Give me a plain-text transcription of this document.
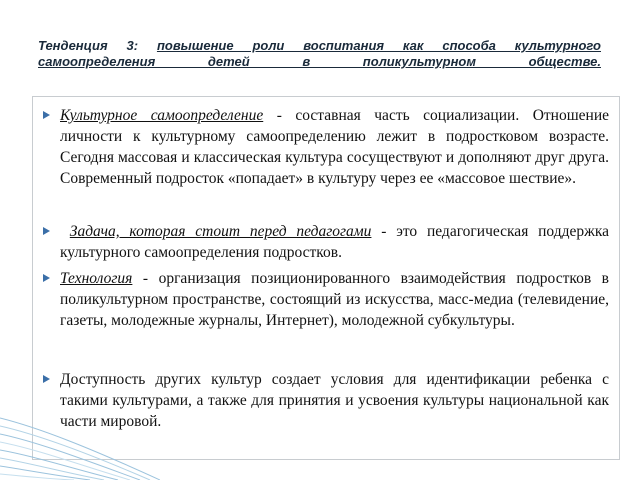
Тенденция 3: повышение роли воспитания как способа культурного самоопределения детей в поликультурном обществе.
Культурное самоопределение - составная часть социализации. Отношение личности к культурному самоопределению лежит в подростковом возрасте. Сегодня массовая и классическая культура сосуществуют и дополняют друг друга. Современный подросток «попадает» в культуру через ее «массовое шествие».
Задача, которая стоит перед педагогами - это педагогическая поддержка культурного самоопределения подростков.
Технология - организация позиционированного взаимодействия подростков в поликультурном пространстве, состоящий из искусства, масс-медиа (телевидение, газеты, молодежные журналы, Интернет), молодежной субкультуры.
Доступность других культур создает условия для идентификации ребенка с такими культурами, а также для принятия и усвоения культуры национальной как части мировой.
